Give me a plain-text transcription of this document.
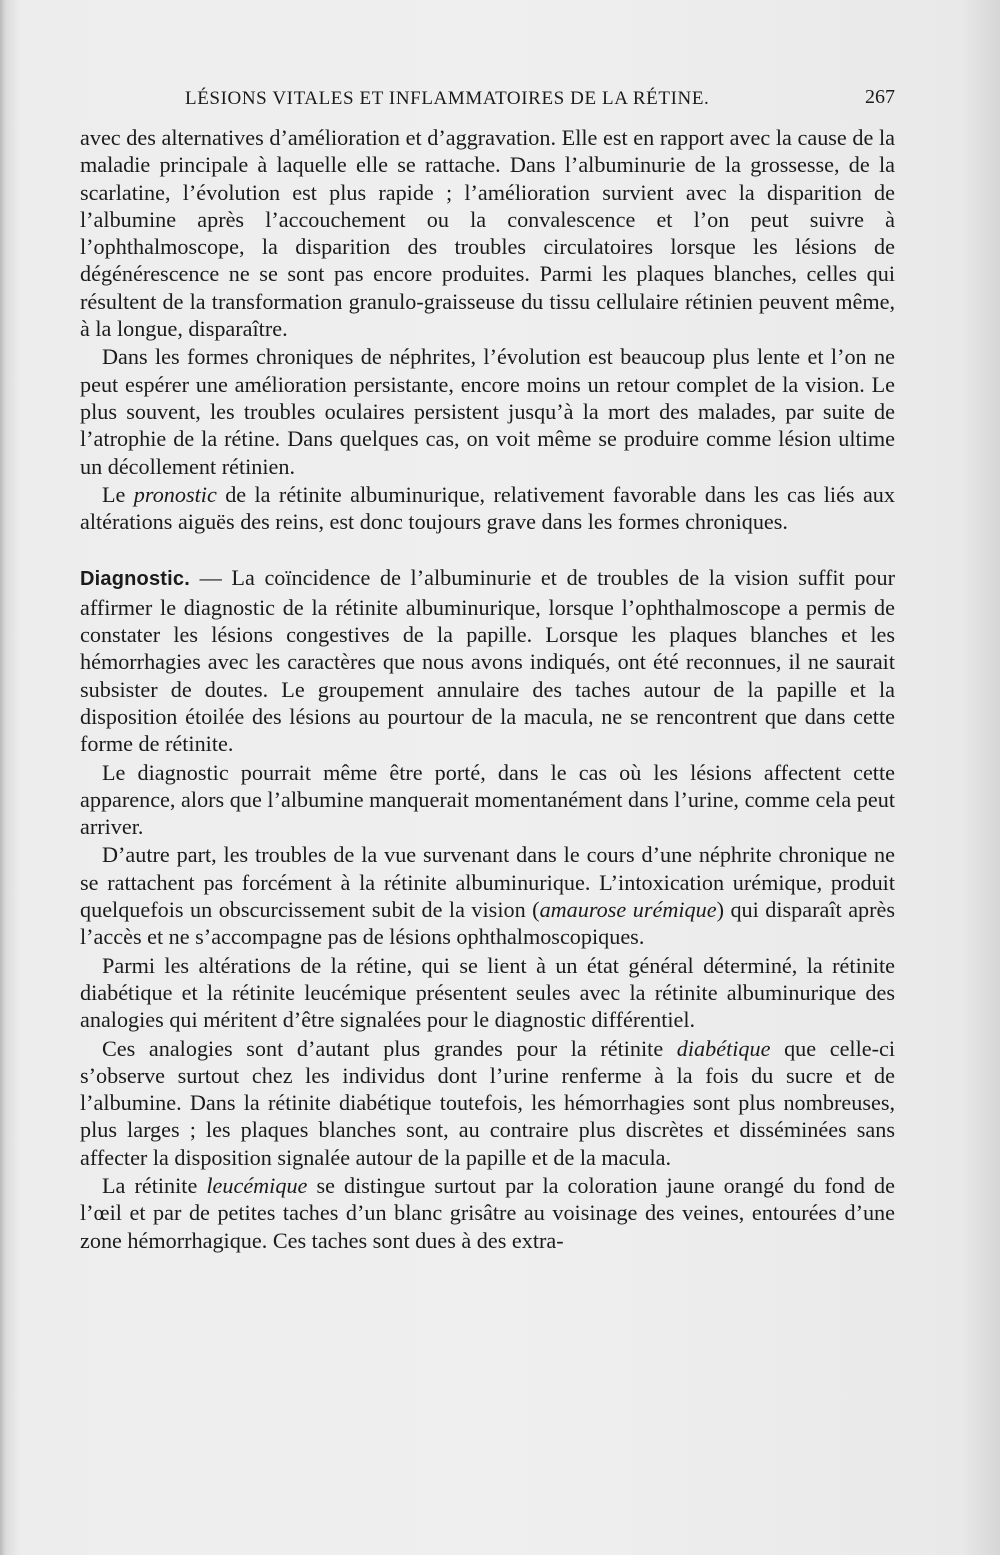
LÉSIONS VITALES ET INFLAMMATOIRES DE LA RÉTINE.	267

avec des alternatives d’amélioration et d’aggravation. Elle est en rapport avec la cause de la maladie principale à laquelle elle se rattache. Dans l’albuminurie de la grossesse, de la scarlatine, l’évolution est plus rapide ; l’amélioration survient avec la disparition de l’albumine après l’accouchement ou la convalescence et l’on peut suivre à l’ophthalmoscope, la disparition des troubles circulatoires lorsque les lésions de dégénérescence ne se sont pas encore produites. Parmi les plaques blanches, celles qui résultent de la transformation granulo-graisseuse du tissu cellulaire rétinien peuvent même, à la longue, disparaître.

Dans les formes chroniques de néphrites, l’évolution est beaucoup plus lente et l’on ne peut espérer une amélioration persistante, encore moins un retour complet de la vision. Le plus souvent, les troubles oculaires persistent jusqu’à la mort des malades, par suite de l’atrophie de la rétine. Dans quelques cas, on voit même se produire comme lésion ultime un décollement rétinien.

Le pronostic de la rétinite albuminurique, relativement favorable dans les cas liés aux altérations aiguës des reins, est donc toujours grave dans les formes chroniques.

Diagnostic. — La coïncidence de l’albuminurie et de troubles de la vision suffit pour affirmer le diagnostic de la rétinite albuminurique, lorsque l’ophthalmoscope a permis de constater les lésions congestives de la papille. Lorsque les plaques blanches et les hémorrhagies avec les caractères que nous avons indiqués, ont été reconnues, il ne saurait subsister de doutes. Le groupement annulaire des taches autour de la papille et la disposition étoilée des lésions au pourtour de la macula, ne se rencontrent que dans cette forme de rétinite.

Le diagnostic pourrait même être porté, dans le cas où les lésions affectent cette apparence, alors que l’albumine manquerait momentanément dans l’urine, comme cela peut arriver.

D’autre part, les troubles de la vue survenant dans le cours d’une néphrite chronique ne se rattachent pas forcément à la rétinite albuminurique. L’intoxication urémique, produit quelquefois un obscurcissement subit de la vision (amaurose urémique) qui disparaît après l’accès et ne s’accompagne pas de lésions ophthalmoscopiques.

Parmi les altérations de la rétine, qui se lient à un état général déterminé, la rétinite diabétique et la rétinite leucémique présentent seules avec la rétinite albuminurique des analogies qui méritent d’être signalées pour le diagnostic différentiel.

Ces analogies sont d’autant plus grandes pour la rétinite diabétique que celle-ci s’observe surtout chez les individus dont l’urine renferme à la fois du sucre et de l’albumine. Dans la rétinite diabétique toutefois, les hémorrhagies sont plus nombreuses, plus larges ; les plaques blanches sont, au contraire plus discrètes et disséminées sans affecter la disposition signalée autour de la papille et de la macula.

La rétinite leucémique se distingue surtout par la coloration jaune orangé du fond de l’œil et par de petites taches d’un blanc grisâtre au voisinage des veines, entourées d’une zone hémorrhagique. Ces taches sont dues à des extra-
